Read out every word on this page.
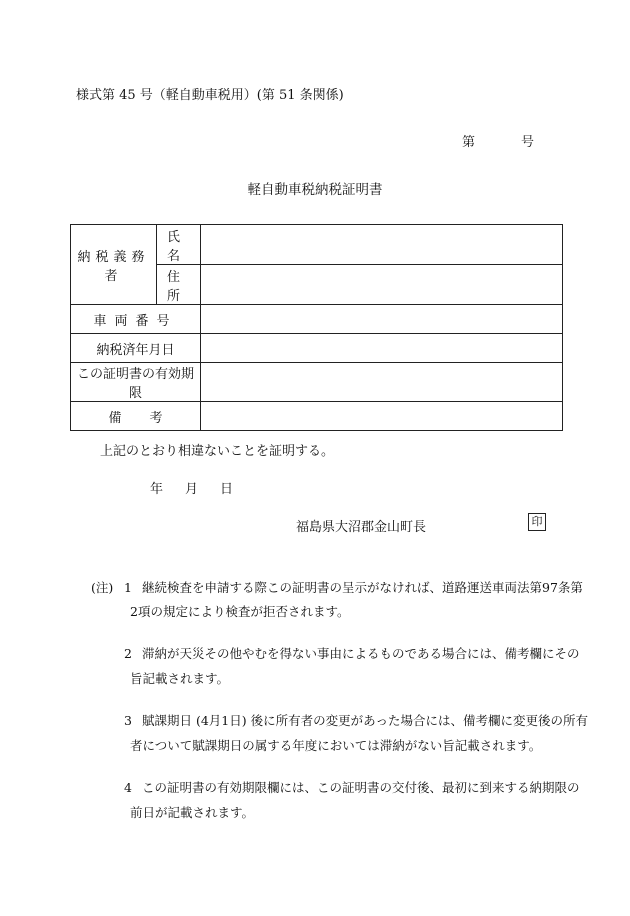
様式第 45 号（軽自動車税用）(第 51 条関係)
第	号
軽自動車税納税証明書
納税義務者	氏名	
	住所	
車両番号		
納税済年月日		
この証明書の有効期限		
備 考		
上記のとおり相違ないことを証明する。
年 月 日
福島県大沼郡金山町長	印
(注) 1 継続検査を申請する際この証明書の呈示がなければ、道路運送車両法第97条第
2項の規定により検査が拒否されます。
2 滞納が天災その他やむを得ない事由によるものである場合には、備考欄にその
旨記載されます。
3 賦課期日 (4月1日) 後に所有者の変更があった場合には、備考欄に変更後の所有
者について賦課期日の属する年度においては滞納がない旨記載されます。
4 この証明書の有効期限欄には、この証明書の交付後、最初に到来する納期限の
前日が記載されます。
